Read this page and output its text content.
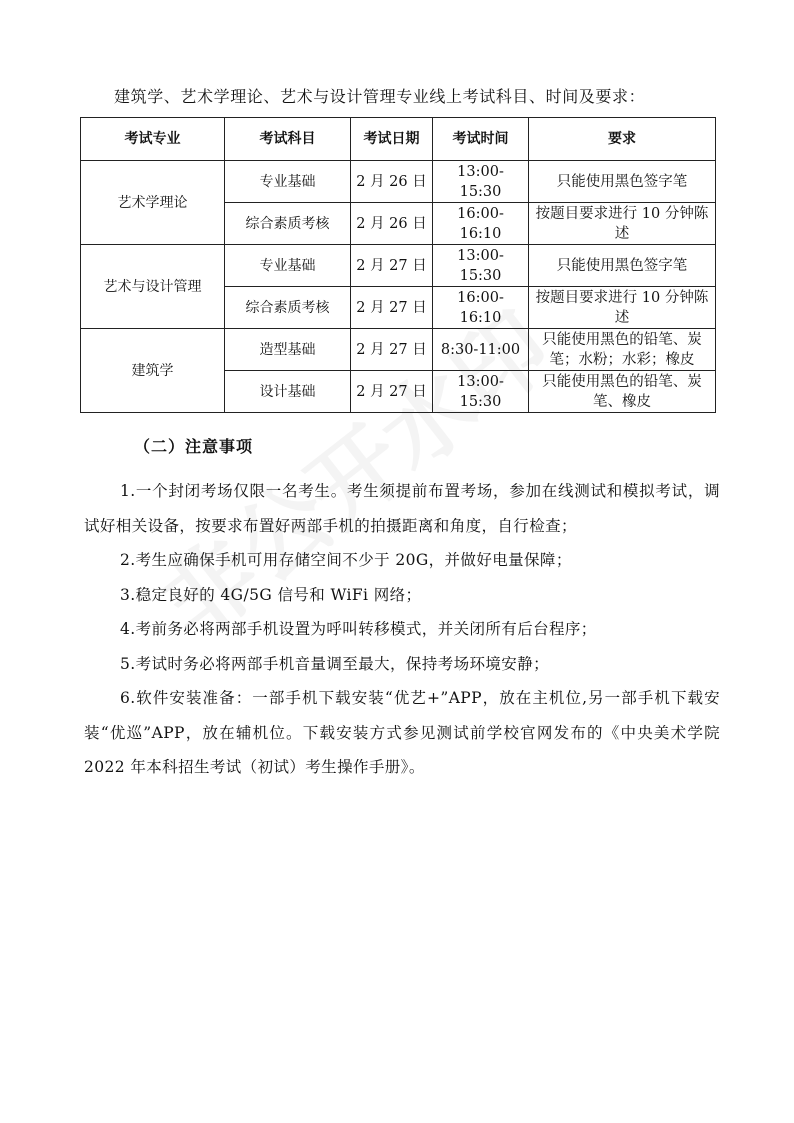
建筑学、艺术学理论、艺术与设计管理专业线上考试科目、时间及要求：
考试专业	考试科目	考试日期	考试时间	要求
艺术学理论	专业基础	2 月 26 日	13:00-15:30	只能使用黑色签字笔
	综合素质考核	2 月 26 日	16:00-16:10	按题目要求进行 10 分钟陈述
艺术与设计管理	专业基础	2 月 27 日	13:00-15:30	只能使用黑色签字笔
	综合素质考核	2 月 27 日	16:00-16:10	按题目要求进行 10 分钟陈述
建筑学	造型基础	2 月 27 日	8:30-11:00	只能使用黑色的铅笔、炭笔；水粉；水彩；橡皮
	设计基础	2 月 27 日	13:00-15:30	只能使用黑色的铅笔、炭笔、橡皮
（二）注意事项

1.一个封闭考场仅限一名考生。考生须提前布置考场，参加在线测试和模拟考试，调试好相关设备，按要求布置好两部手机的拍摄距离和角度，自行检查；

2.考生应确保手机可用存储空间不少于 20G，并做好电量保障；

3.稳定良好的 4G/5G 信号和 WiFi 网络；

4.考前务必将两部手机设置为呼叫转移模式，并关闭所有后台程序；

5.考试时务必将两部手机音量调至最大，保持考场环境安静；

6.软件安装准备：一部手机下载安装“优艺+”APP，放在主机位,另一部手机下载安装“优巡”APP，放在辅机位。下载安装方式参见测试前学校官网发布的《中央美术学院 2022 年本科招生考试（初试）考生操作手册》。
